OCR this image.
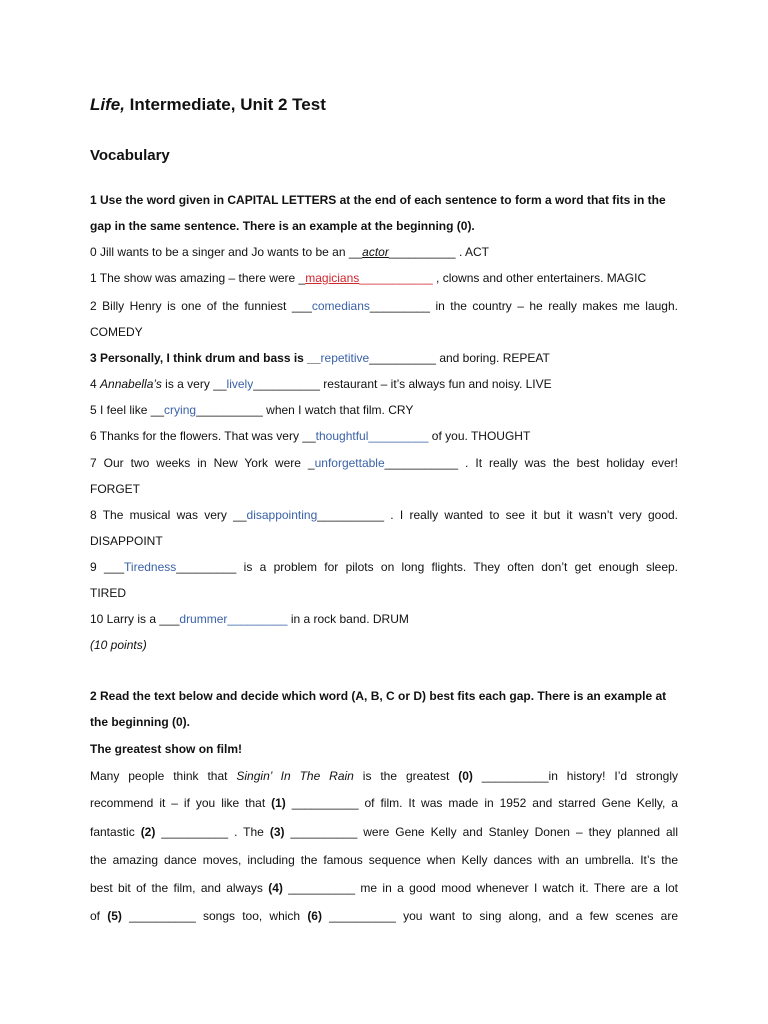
Life, Intermediate, Unit 2 Test
Vocabulary
1 Use the word given in CAPITAL LETTERS at the end of each sentence to form a word that fits in the
gap in the same sentence. There is an example at the beginning (0).
0 Jill wants to be a singer and Jo wants to be an __actor__________ . ACT
1 The show was amazing – there were _magicians___________ , clowns and other entertainers. MAGIC
2 Billy Henry is one of the funniest ___comedians_________ in the country – he really makes me laugh.
COMEDY
3 Personally, I think drum and bass is __repetitive__________ and boring. REPEAT
4 Annabella’s is a very __lively__________ restaurant – it’s always fun and noisy. LIVE
5 I feel like __crying__________ when I watch that film. CRY
6 Thanks for the flowers. That was very __thoughtful_________ of you. THOUGHT
7 Our two weeks in New York were _unforgettable___________ . It really was the best holiday ever!
FORGET
8 The musical was very __disappointing__________ . I really wanted to see it but it wasn’t very good.
DISAPPOINT
9 ___Tiredness_________ is a problem for pilots on long flights. They often don’t get enough sleep.
TIRED
10 Larry is a ___drummer_________ in a rock band. DRUM
(10 points)
2 Read the text below and decide which word (A, B, C or D) best fits each gap. There is an example at
the beginning (0).
The greatest show on film!
Many people think that Singin’ In The Rain is the greatest (0) __________in history! I’d strongly
recommend it – if you like that (1) __________ of film. It was made in 1952 and starred Gene Kelly, a
fantastic (2) __________ . The (3) __________ were Gene Kelly and Stanley Donen – they planned all
the amazing dance moves, including the famous sequence when Kelly dances with an umbrella. It’s the
best bit of the film, and always (4) __________ me in a good mood whenever I watch it. There are a lot
of (5) __________ songs too, which (6) __________ you want to sing along, and a few scenes are
